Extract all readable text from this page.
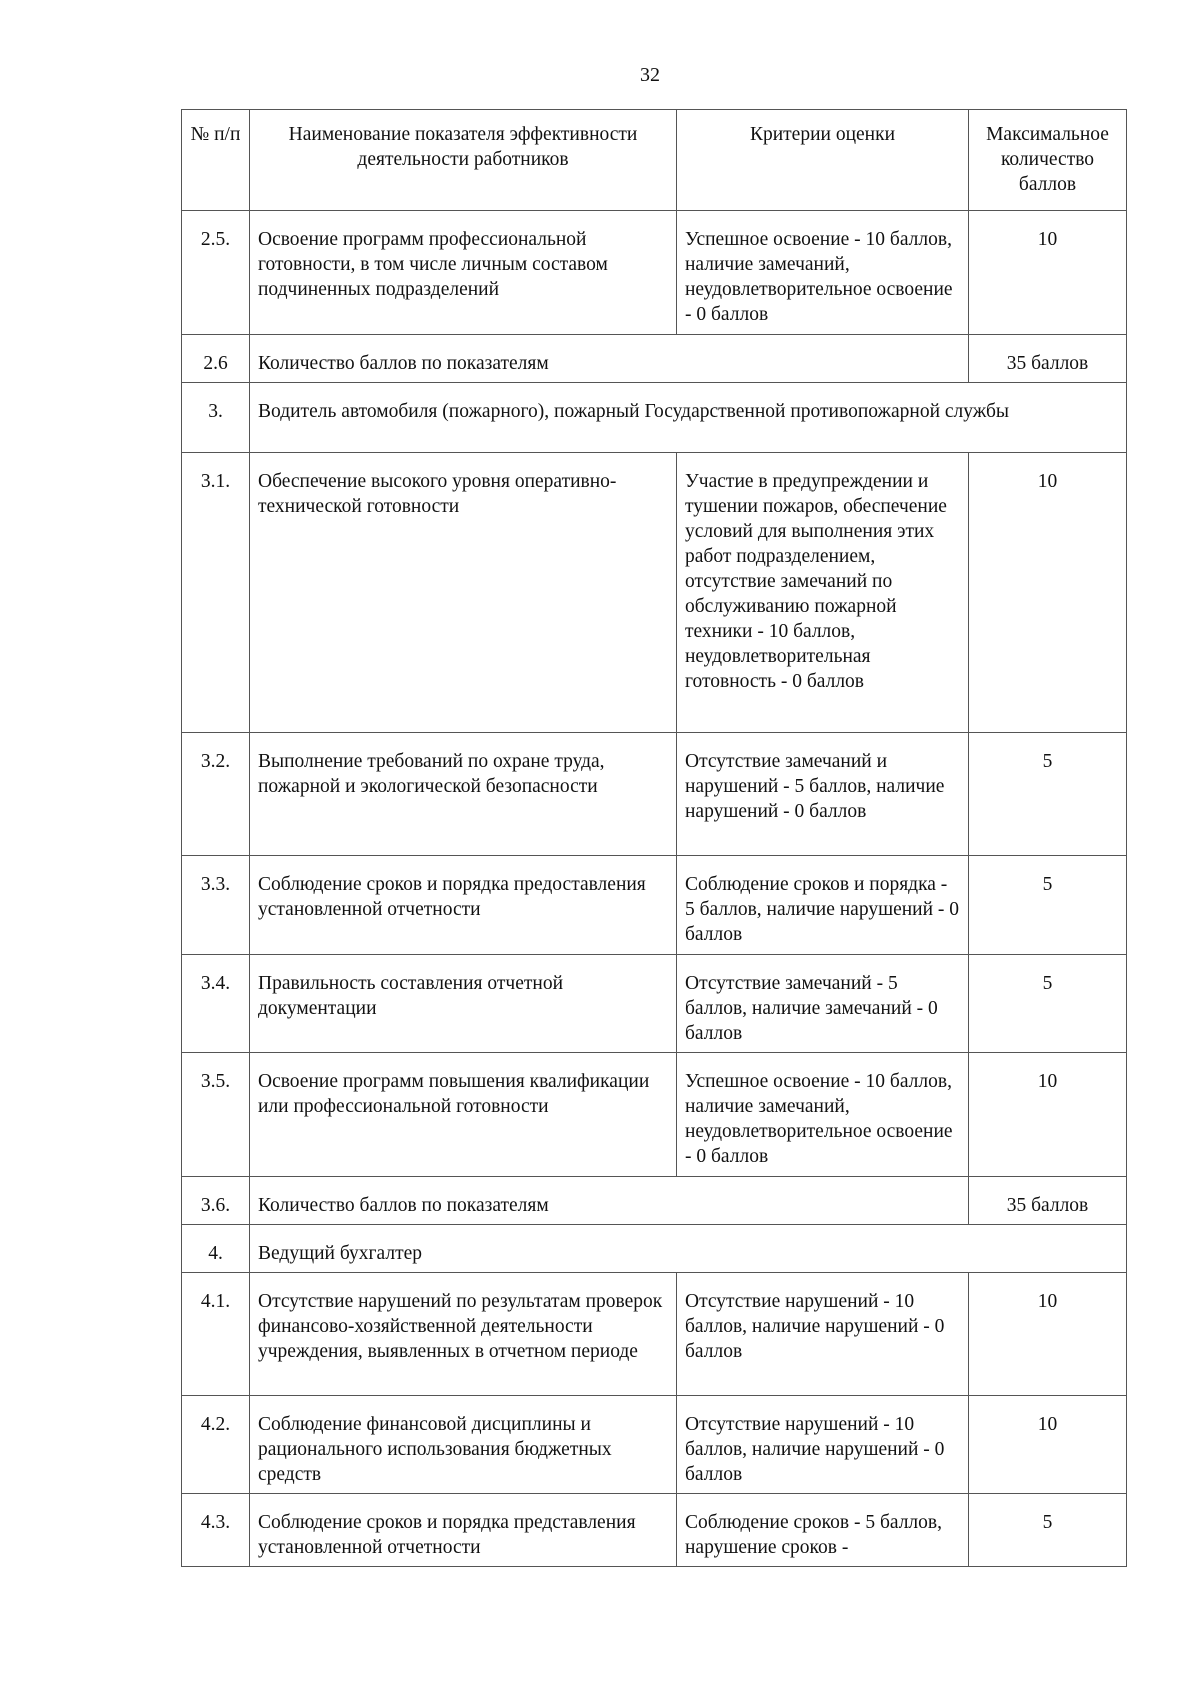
32
№ п/п	Наименование показателя эффективности деятельности работников	Критерии оценки	Максимальное количество баллов
2.5.	Освоение программ профессиональной готовности, в том числе личным составом подчиненных подразделений	Успешное освоение - 10 баллов, наличие замечаний, неудовлетворительное освоение - 0 баллов	10
2.6	Количество баллов по показателям		35 баллов
3.	Водитель автомобиля (пожарного), пожарный Государственной противопожарной службы		
3.1.	Обеспечение высокого уровня оперативно-технической готовности	Участие в предупреждении и тушении пожаров, обеспечение условий для выполнения этих работ подразделением, отсутствие замечаний по обслуживанию пожарной техники - 10 баллов, неудовлетворительная готовность - 0 баллов	10
3.2.	Выполнение требований по охране труда, пожарной и экологической безопасности	Отсутствие замечаний и нарушений - 5 баллов, наличие нарушений - 0 баллов	5
3.3.	Соблюдение сроков и порядка предоставления установленной отчетности	Соблюдение сроков и порядка - 5 баллов, наличие нарушений - 0 баллов	5
3.4.	Правильность составления отчетной документации	Отсутствие замечаний - 5 баллов, наличие замечаний - 0 баллов	5
3.5.	Освоение программ повышения квалификации или профессиональной готовности	Успешное освоение - 10 баллов, наличие замечаний, неудовлетворительное освоение - 0 баллов	10
3.6.	Количество баллов по показателям		35 баллов
4.	Ведущий бухгалтер		
4.1.	Отсутствие нарушений по результатам проверок финансово-хозяйственной деятельности учреждения, выявленных в отчетном периоде	Отсутствие нарушений - 10 баллов, наличие нарушений - 0 баллов	10
4.2.	Соблюдение финансовой дисциплины и рационального использования бюджетных средств	Отсутствие нарушений - 10 баллов, наличие нарушений - 0 баллов	10
4.3.	Соблюдение сроков и порядка представления установленной отчетности	Соблюдение сроков - 5 баллов, нарушение сроков -	5
